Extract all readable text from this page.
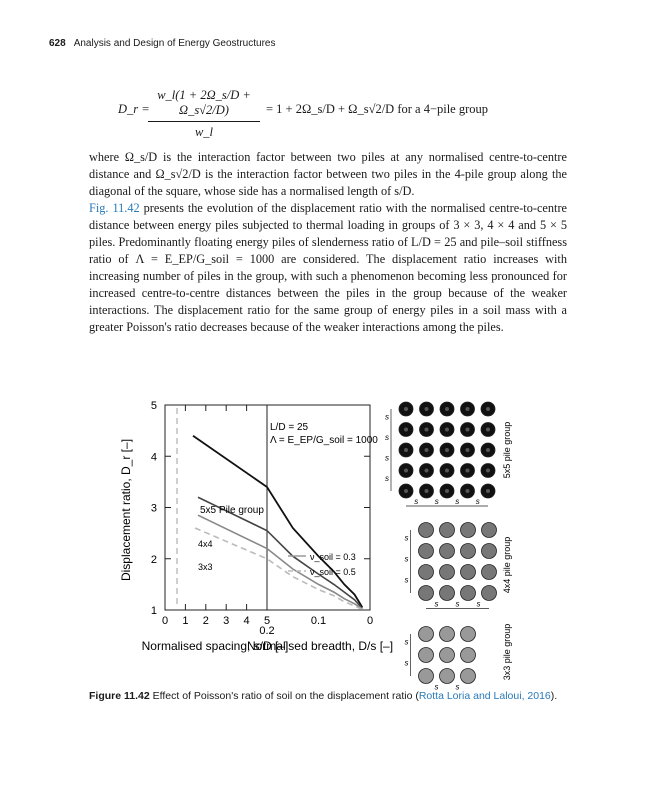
628 Analysis and Design of Energy Geostructures
D_r =
w_l(1 + 2Ω_s/D + Ω_s√2/D)
w_l
= 1 + 2Ω_s/D + Ω_s√2/D for a 4−pile group

where Ω_s/D is the interaction factor between two piles at any normalised centre-to-centre distance and Ω_s√2/D is the interaction factor between two piles in the 4-pile group along the diagonal of the square, whose side has a normalised length of s/D.

Fig. 11.42 presents the evolution of the displacement ratio with the normalised centre-to-centre distance between energy piles subjected to thermal loading in groups of 3 × 3, 4 × 4 and 5 × 5 piles. Predominantly floating energy piles of slenderness ratio of L/D = 25 and pile–soil stiffness ratio of Λ = E_EP/G_soil = 1000 are considered. The displacement ratio increases with increasing number of piles in the group, with such a phenomenon becoming less pronounced for increased centre-to-centre distances between the piles in the group because of the weaker interactions. The displacement ratio for the same group of energy piles in a soil mass with a greater Poisson's ratio decreases because of the weaker interactions among the piles.

1
2
3
4
5
0 1 2 3 4 5
0.2
0.1	0
L/D = 25
Λ = E_EP/G_soil = 1000
5x5 Pile group
4x4
3x3
ν_soil = 0.3
ν_soil = 0.5
Displacement ratio, D_r [–]
Normalised spacing, s/D [–]
Normalised breadth, D/s [–]
s s s s
s
s
s
s
s s s
s
s
s
s s
s
s
5x5 pile group
4x4 pile group
3x3 pile group

Figure 11.42 Effect of Poisson's ratio of soil on the displacement ratio (Rotta Loria and Laloui, 2016).
